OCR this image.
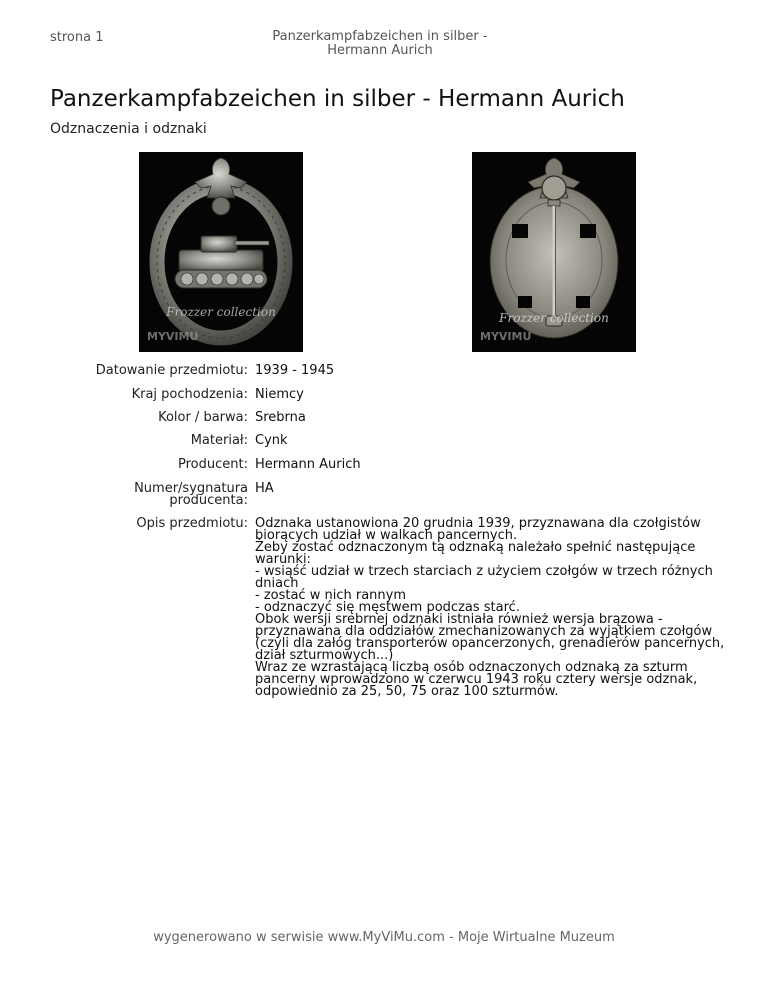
strona 1	Panzerkampfabzeichen in silber -
Hermann Aurich
Panzerkampfabzeichen in silber - Hermann Aurich
Odznaczenia i odznaki
Frozzer collection
MYVIMU
Frozzer collection
MYVIMU
Datowanie przedmiotu: 1939 - 1945
Kraj pochodzenia: Niemcy
Kolor / barwa: Srebrna
Materiał: Cynk
Producent: Hermann Aurich
Numer/sygnatura
producenta:
HA
Opis przedmiotu: Odznaka ustanowiona 20 grudnia 1939, przyznawana dla czołgistów
biorących udział w walkach pancernych.
Żeby zostać odznaczonym tą odznaką należało spełnić następujące
warunki:
- wsiąść udział w trzech starciach z użyciem czołgów w trzech różnych
dniach
- zostać w nich rannym
- odznaczyć się męstwem podczas starć.
Obok wersji srebrnej odznaki istniała również wersja brązowa -
przyznawana dla oddziałów zmechanizowanych za wyjątkiem czołgów
(czyli dla załóg transporterów opancerzonych, grenadierów pancernych,
dział szturmowych...)
Wraz ze wzrastającą liczbą osób odznaczonych odznaką za szturm
pancerny wprowadzono w czerwcu 1943 roku cztery wersje odznak,
odpowiednio za 25, 50, 75 oraz 100 szturmów.
wygenerowano w serwisie www.MyViMu.com - Moje Wirtualne Muzeum
